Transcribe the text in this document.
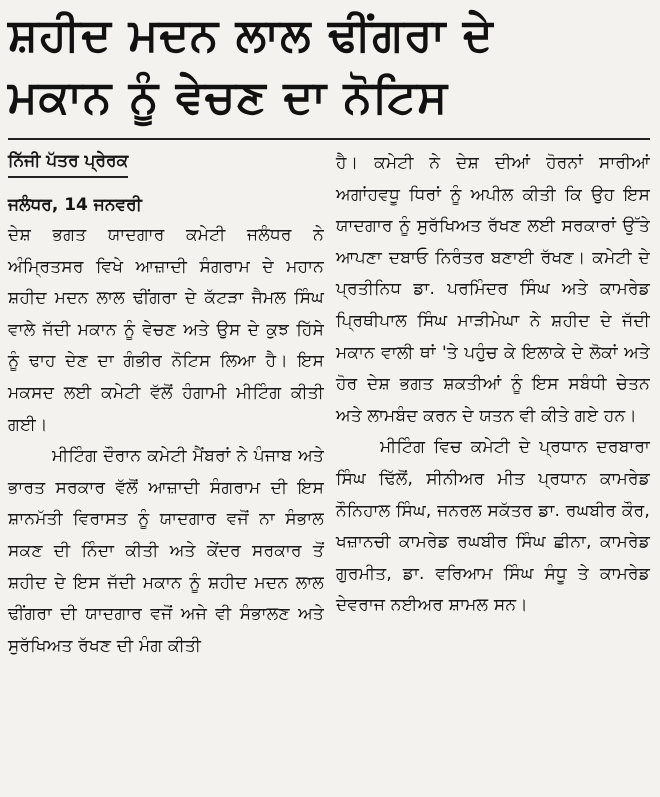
ਸ਼ਹੀਦ ਮਦਨ ਲਾਲ ਢੀਂਗਰਾ ਦੇ
ਮਕਾਨ ਨੂੰ ਵੇਚਣ ਦਾ ਨੋਟਿਸ
ਨਿੱਜੀ ਪੱਤਰ ਪ੍ਰੇਰਕ
ਜਲੰਧਰ, 14 ਜਨਵਰੀ

ਦੇਸ਼ ਭਗਤ ਯਾਦਗਾਰ ਕਮੇਟੀ ਜਲੰਧਰ ਨੇ ਅੰਮ੍ਰਿਤਸਰ ਵਿਖੇ ਆਜ਼ਾਦੀ ਸੰਗਰਾਮ ਦੇ ਮਹਾਨ ਸ਼ਹੀਦ ਮਦਨ ਲਾਲ ਢੀਂਗਰਾ ਦੇ ਕੱਟੜਾ ਜੈਮਲ ਸਿੰਘ ਵਾਲੇ ਜੱਦੀ ਮਕਾਨ ਨੂੰ ਵੇਚਣ ਅਤੇ ਉਸ ਦੇ ਕੁਝ ਹਿੱਸੇ ਨੂੰ ਢਾਹ ਦੇਣ ਦਾ ਗੰਭੀਰ ਨੋਟਿਸ ਲਿਆ ਹੈ। ਇਸ ਮਕਸਦ ਲਈ ਕਮੇਟੀ ਵੱਲੋਂ ਹੰਗਾਮੀ ਮੀਟਿੰਗ ਕੀਤੀ ਗਈ।

ਮੀਟਿੰਗ ਦੌਰਾਨ ਕਮੇਟੀ ਮੈਂਬਰਾਂ ਨੇ ਪੰਜਾਬ ਅਤੇ ਭਾਰਤ ਸਰਕਾਰ ਵੱਲੋਂ ਆਜ਼ਾਦੀ ਸੰਗਰਾਮ ਦੀ ਇਸ ਸ਼ਾਨਮੱਤੀ ਵਿਰਾਸਤ ਨੂੰ ਯਾਦਗਾਰ ਵਜੋਂ ਨਾ ਸੰਭਾਲ ਸਕਣ ਦੀ ਨਿੰਦਾ ਕੀਤੀ ਅਤੇ ਕੇਂਦਰ ਸਰਕਾਰ ਤੋਂ ਸ਼ਹੀਦ ਦੇ ਇਸ ਜੱਦੀ ਮਕਾਨ ਨੂੰ ਸ਼ਹੀਦ ਮਦਨ ਲਾਲ ਢੀਂਗਰਾ ਦੀ ਯਾਦਗਾਰ ਵਜੋਂ ਅਜੇ ਵੀ ਸੰਭਾਲਣ ਅਤੇ ਸੁਰੱਖਿਅਤ ਰੱਖਣ ਦੀ ਮੰਗ ਕੀਤੀ

ਹੈ। ਕਮੇਟੀ ਨੇ ਦੇਸ਼ ਦੀਆਂ ਹੋਰਨਾਂ ਸਾਰੀਆਂ ਅਗਾਂਹਵਧੂ ਧਿਰਾਂ ਨੂੰ ਅਪੀਲ ਕੀਤੀ ਕਿ ਉਹ ਇਸ ਯਾਦਗਾਰ ਨੂੰ ਸੁਰੱਖਿਅਤ ਰੱਖਣ ਲਈ ਸਰਕਾਰਾਂ ਉੱਤੇ ਆਪਣਾ ਦਬਾਓ ਨਿਰੰਤਰ ਬਣਾਈ ਰੱਖਣ। ਕਮੇਟੀ ਦੇ ਪ੍ਰਤੀਨਿਧ ਡਾ. ਪਰਮਿੰਦਰ ਸਿੰਘ ਅਤੇ ਕਾਮਰੇਡ ਪ੍ਰਿਥੀਪਾਲ ਸਿੰਘ ਮਾੜੀਮੇਘਾ ਨੇ ਸ਼ਹੀਦ ਦੇ ਜੱਦੀ ਮਕਾਨ ਵਾਲੀ ਥਾਂ 'ਤੇ ਪਹੁੰਚ ਕੇ ਇਲਾਕੇ ਦੇ ਲੋਕਾਂ ਅਤੇ ਹੋਰ ਦੇਸ਼ ਭਗਤ ਸ਼ਕਤੀਆਂ ਨੂੰ ਇਸ ਸਬੰਧੀ ਚੇਤਨ ਅਤੇ ਲਾਮਬੰਦ ਕਰਨ ਦੇ ਯਤਨ ਵੀ ਕੀਤੇ ਗਏ ਹਨ।

ਮੀਟਿੰਗ ਵਿਚ ਕਮੇਟੀ ਦੇ ਪ੍ਰਧਾਨ ਦਰਬਾਰਾ ਸਿੰਘ ਢਿੱਲੋਂ, ਸੀਨੀਅਰ ਮੀਤ ਪ੍ਰਧਾਨ ਕਾਮਰੇਡ ਨੌਨਿਹਾਲ ਸਿੰਘ, ਜਨਰਲ ਸਕੱਤਰ ਡਾ. ਰਘਬੀਰ ਕੌਰ, ਖਜ਼ਾਨਚੀ ਕਾਮਰੇਡ ਰਘਬੀਰ ਸਿੰਘ ਛੀਨਾ, ਕਾਮਰੇਡ ਗੁਰਮੀਤ, ਡਾ. ਵਰਿਆਮ ਸਿੰਘ ਸੰਧੂ ਤੇ ਕਾਮਰੇਡ ਦੇਵਰਾਜ ਨਈਅਰ ਸ਼ਾਮਲ ਸਨ।
